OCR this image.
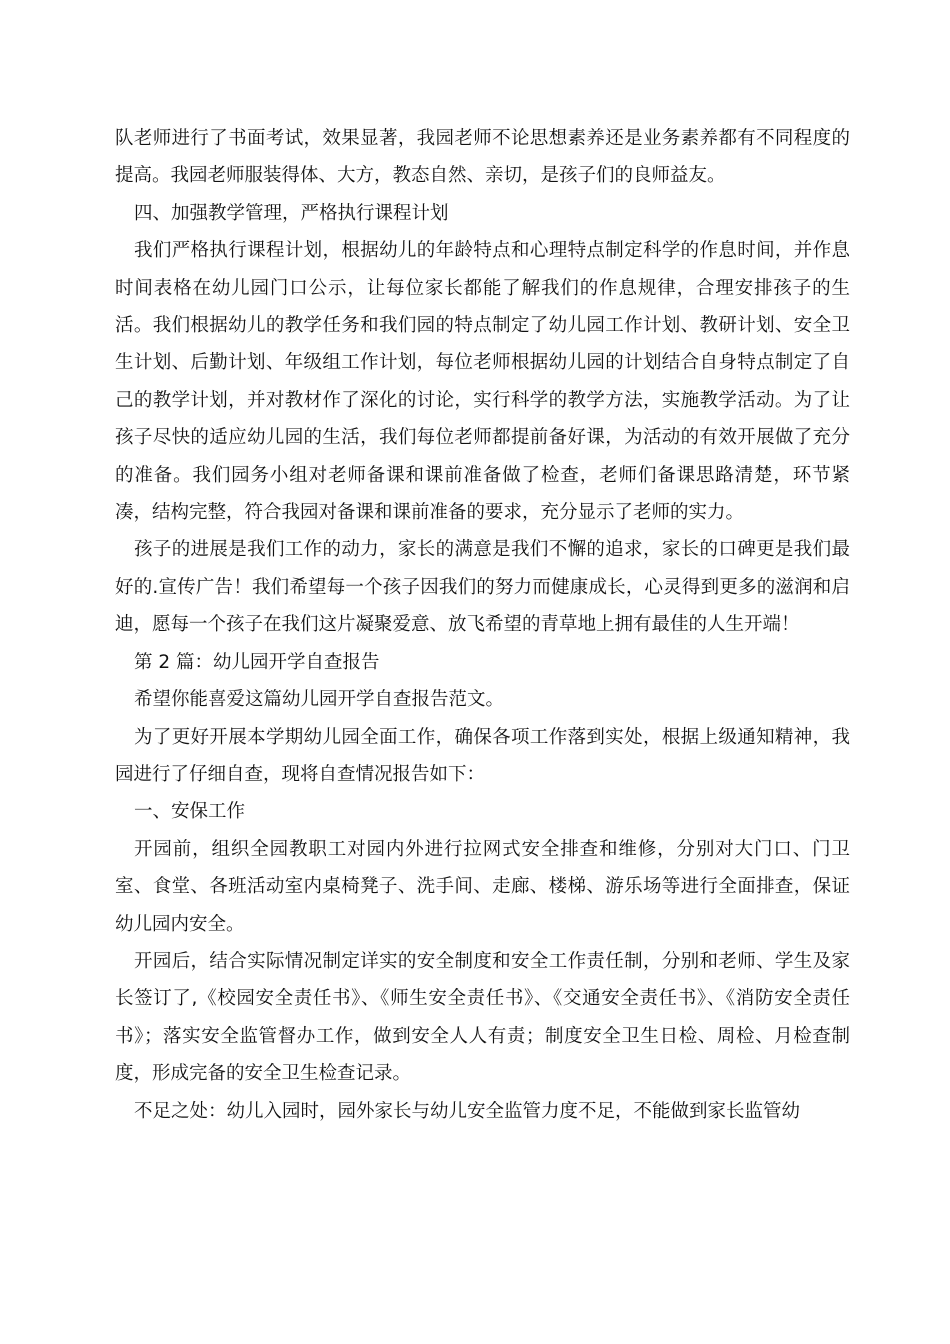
队老师进行了书面考试，效果显著，我园老师不论思想素养还是业务素养都有不同程度的提高。我园老师服装得体、大方，教态自然、亲切，是孩子们的良师益友。

四、加强教学管理，严格执行课程计划

我们严格执行课程计划，根据幼儿的年龄特点和心理特点制定科学的作息时间，并作息时间表格在幼儿园门口公示，让每位家长都能了解我们的作息规律，合理安排孩子的生活。我们根据幼儿的教学任务和我们园的特点制定了幼儿园工作计划、教研计划、安全卫生计划、后勤计划、年级组工作计划，每位老师根据幼儿园的计划结合自身特点制定了自己的教学计划，并对教材作了深化的讨论，实行科学的教学方法，实施教学活动。为了让孩子尽快的适应幼儿园的生活，我们每位老师都提前备好课，为活动的有效开展做了充分的准备。我们园务小组对老师备课和课前准备做了检查，老师们备课思路清楚，环节紧凑，结构完整，符合我园对备课和课前准备的要求，充分显示了老师的实力。

孩子的进展是我们工作的动力，家长的满意是我们不懈的追求，家长的口碑更是我们最好的.宣传广告！我们希望每一个孩子因我们的努力而健康成长，心灵得到更多的滋润和启迪，愿每一个孩子在我们这片凝聚爱意、放飞希望的青草地上拥有最佳的人生开端！

第 2 篇：幼儿园开学自查报告

希望你能喜爱这篇幼儿园开学自查报告范文。

为了更好开展本学期幼儿园全面工作，确保各项工作落到实处，根据上级通知精神，我园进行了仔细自查，现将自查情况报告如下：

一、安保工作

开园前，组织全园教职工对园内外进行拉网式安全排查和维修，分别对大门口、门卫室、食堂、各班活动室内桌椅凳子、洗手间、走廊、楼梯、游乐场等进行全面排查，保证幼儿园内安全。

开园后，结合实际情况制定详实的安全制度和安全工作责任制，分别和老师、学生及家长签订了,《校园安全责任书》、《师生安全责任书》、《交通安全责任书》、《消防安全责任书》；落实安全监管督办工作，做到安全人人有责；制度安全卫生日检、周检、月检查制度，形成完备的安全卫生检查记录。

不足之处：幼儿入园时，园外家长与幼儿安全监管力度不足，不能做到家长监管幼
